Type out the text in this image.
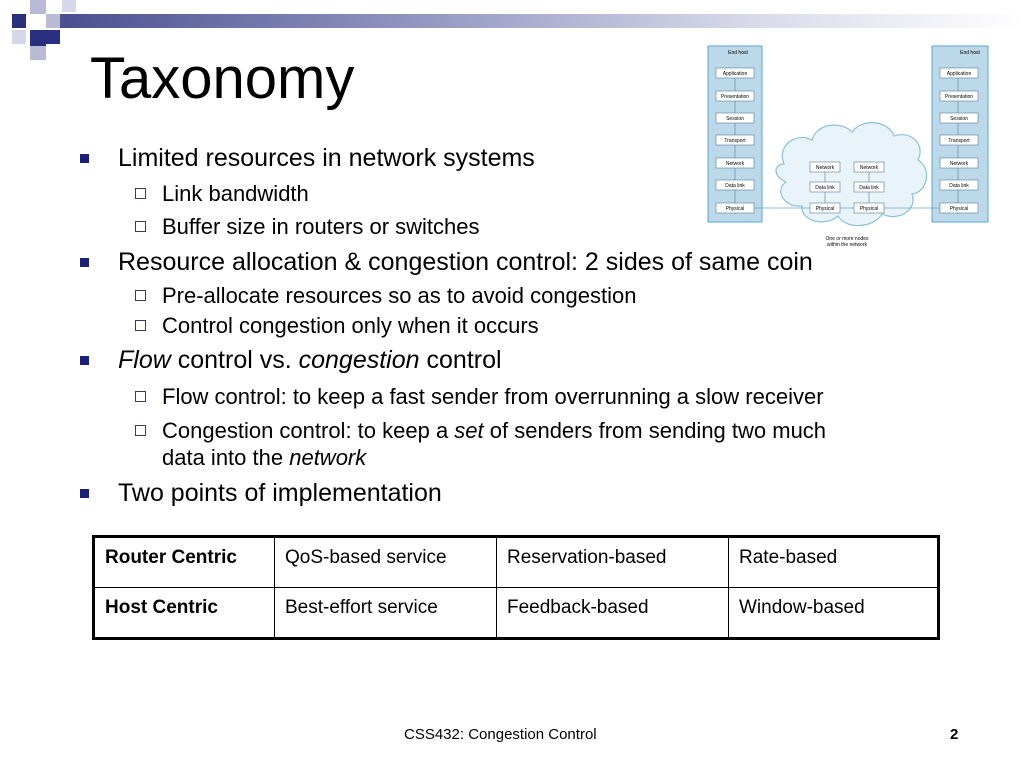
Taxonomy	End host	End host
Application
Presentation
Session
Transport
Network
Data link
Physical
Application
Presentation
Session
Transport
Network
Data link
Physical
Network
Data link
Physical
Network
Data link
Physical
One or more nodes
within the network
Limited resources in network systems
Link bandwidth
Buffer size in routers or switches
Resource allocation & congestion control: 2 sides of same coin
Pre-allocate resources so as to avoid congestion
Control congestion only when it occurs
Flow control vs. congestion control
Flow control: to keep a fast sender from overrunning a slow receiver
Congestion control: to keep a set of senders from sending two much
data into the network
Two points of implementation
Router Centric	QoS-based service	Reservation-based	Rate-based
Host Centric	Best-effort service	Feedback-based	Window-based
CSS432: Congestion Control	2
